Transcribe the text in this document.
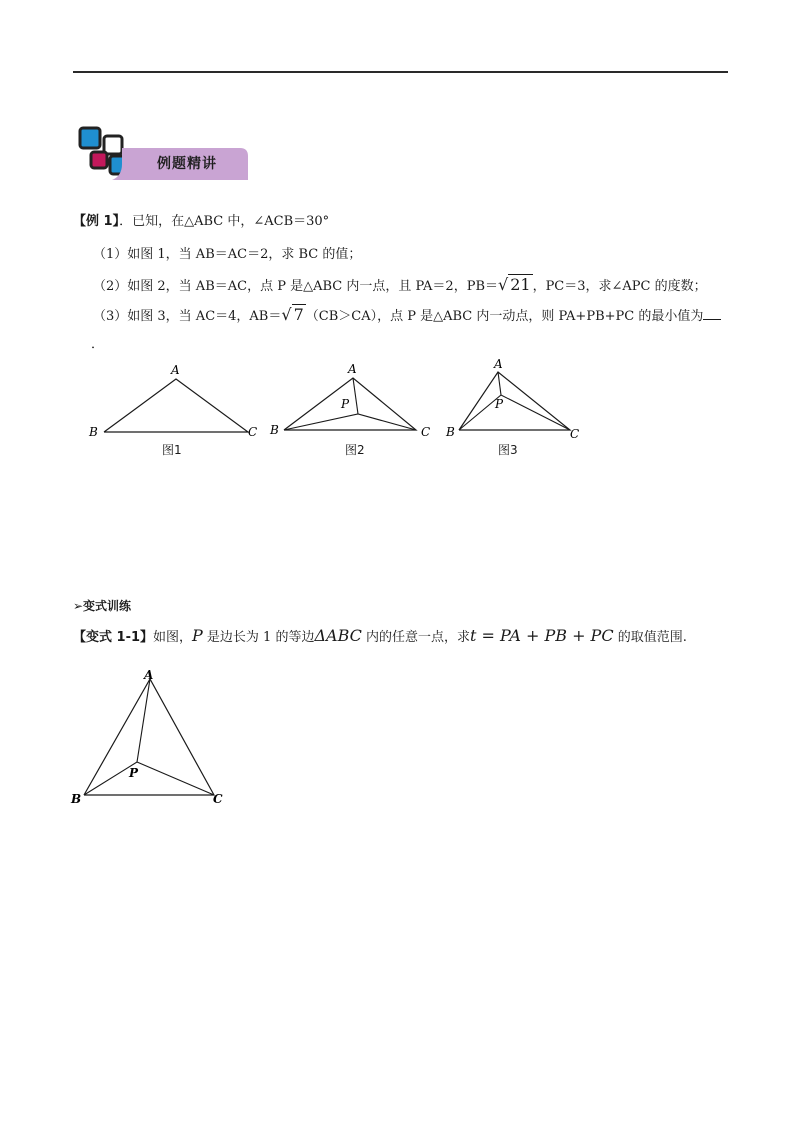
例题精讲
【例 1】．已知，在△ABC 中，∠ACB＝30°
（1）如图 1，当 AB＝AC＝2，求 BC 的值；
（2）如图 2，当 AB＝AC，点 P 是△ABC 内一点，且 PA＝2，PB＝√ 21 ，PC＝3，求∠APC 的度数；
（3）如图 3，当 AC＝4，AB＝√ 7 （CB＞CA），点 P 是△ABC 内一动点，则 PA+PB+PC 的最小值为
．
A
B	C
图1
A
B	C
P
图2
A
B	C
P
图3
➢变式训练
【变式 1-1】如图，P 是边长为 1 的等边ΔABC 内的任意一点，求t = PA + PB + PC 的取值范围.
A
B	C
P
